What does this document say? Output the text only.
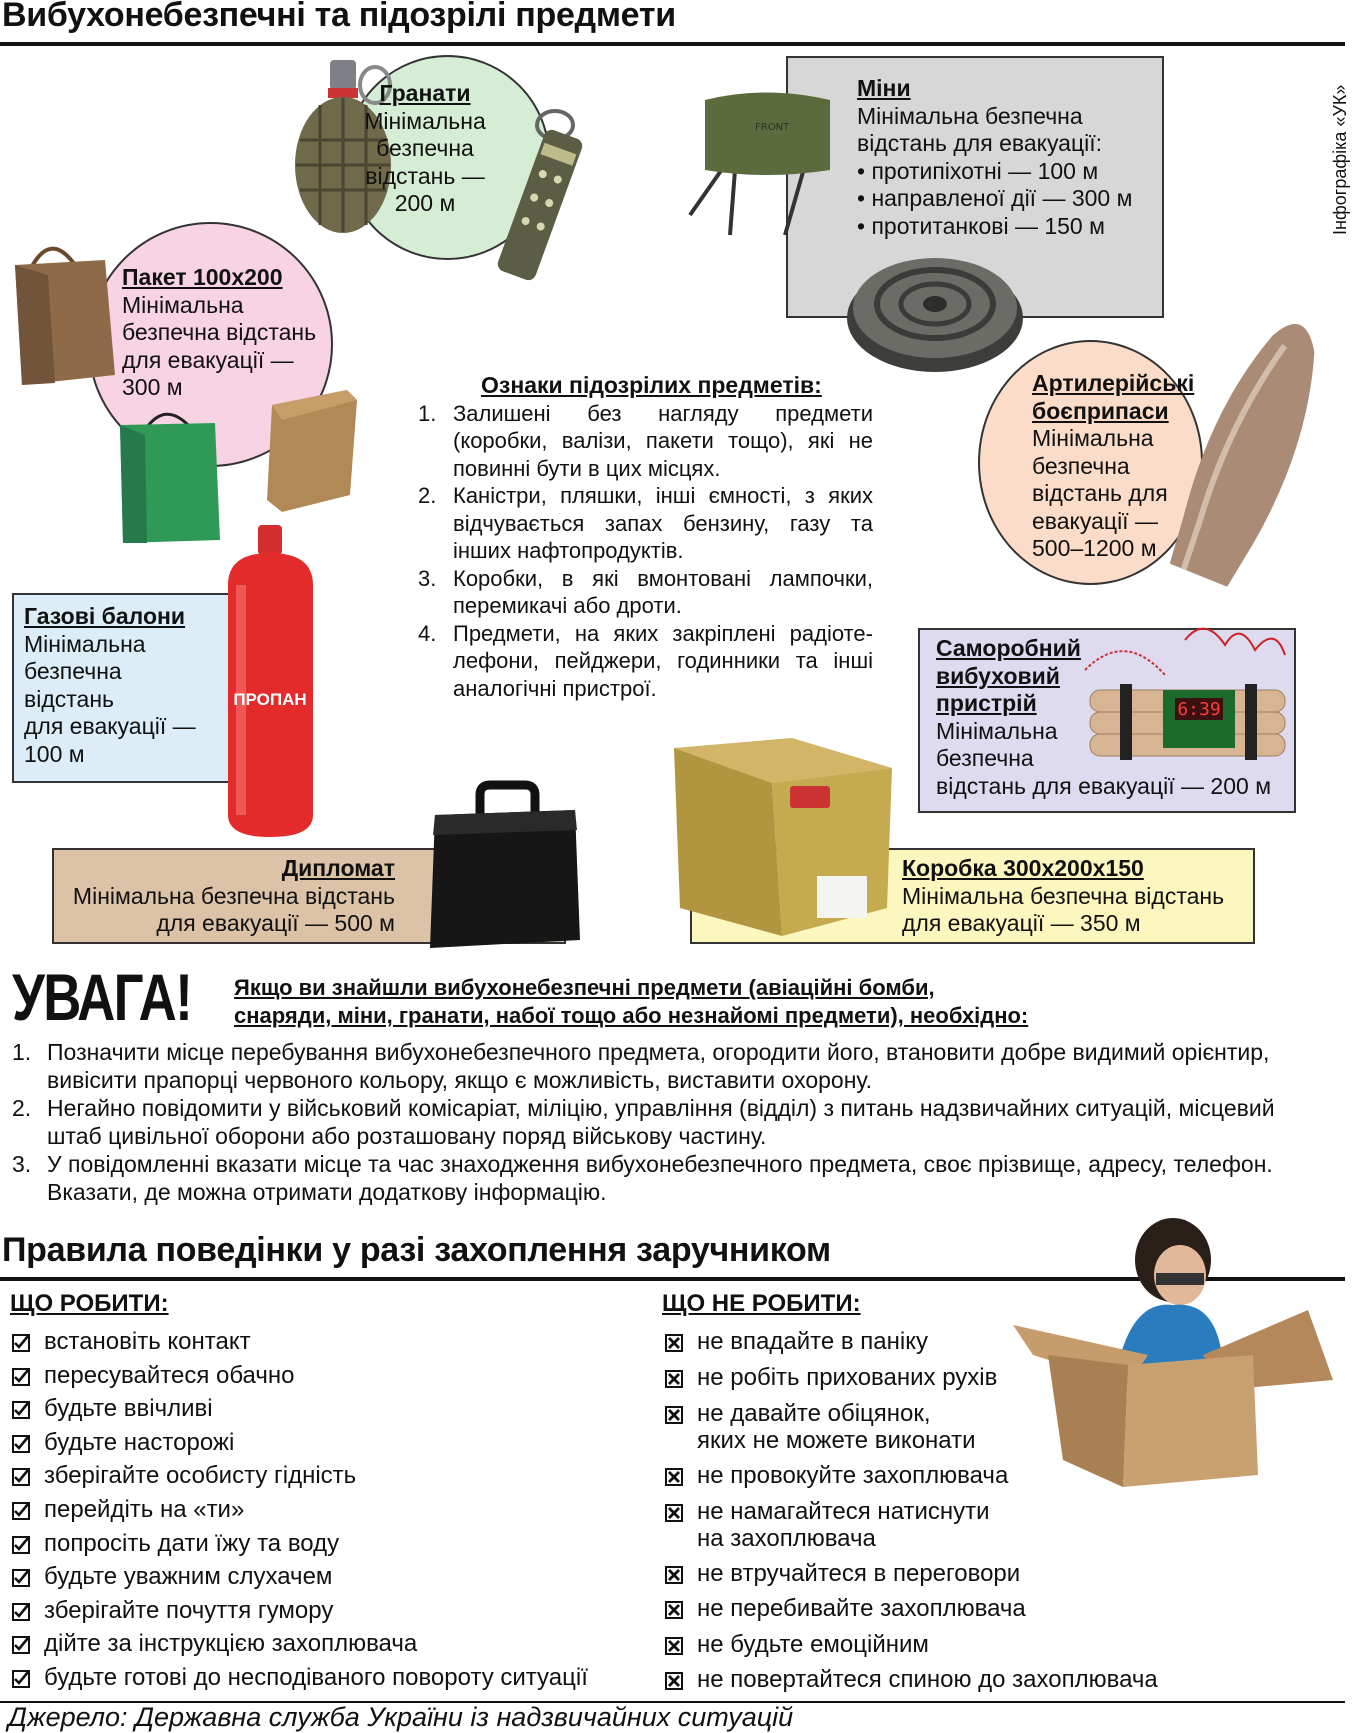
Вибухонебезпечні та підозрілі предмети
Інфографіка «УК»
Гранати
Мінімальна
безпечна
відстань —
200 м
FRONT
Міни
Мінімальна безпечна
відстань для евакуації:
• протипіхотні — 100 м
• направленої дії — 300 м
• протитанкові — 150 м
Пакет 100х200
Мінімальна
безпечна відстань
для евакуації —
300 м	Артилерійські
боєприпаси
Мінімальна
безпечна
відстань для
евакуації —
500–1200 м
Ознаки підозрілих предметів:
1. Залишені без нагляду предмети
(коробки, валізи, пакети тощо), які не
повинні бути в цих місцях.
2. Каністри, пляшки, інші ємності, з яких
відчувається запах бензину, газу та
інших нафтопродуктів.
3. Коробки, в які вмонтовані лампочки,
перемикачі або дроти.
4. Предмети, на яких закріплені радіоте-
лефони, пейджери, годинники та інші
аналогічні пристрої.
ПРОПАН
Газові балони
Мінімальна
безпечна
відстань
для евакуації —
100 м
6:39
Саморобний
вибуховий
пристрій
Мінімальна
безпечна
відстань для евакуації — 200 м
Дипломат
Мінімальна безпечна відстань
для евакуації — 500 м
Коробка 300х200х150
Мінімальна безпечна відстань
для евакуації — 350 м
УВАГА! Якщо ви знайшли вибухонебезпечні предмети (авіаційні бомби,
снаряди, міни, гранати, набої тощо або незнайомі предмети), необхідно:
1. Позначити місце перебування вибухонебезпечного предмета, огородити його, втановити добре видимий орієнтир,
вивісити прапорці червоного кольору, якщо є можливість, виставити охорону.
2. Негайно повідомити у військовий комісаріат, міліцію, управління (відділ) з питань надзвичайних ситуацій, місцевий
штаб цивільної оборони або розташовану поряд військову частину.
3. У повідомленні вказати місце та час знаходження вибухонебезпечного предмета, своє прізвище, адресу, телефон.
Вказати, де можна отримати додаткову інформацію.
Правила поведінки у разі захоплення заручником
ЩО РОБИТИ:
встановіть контакт
пересувайтеся обачно
будьте ввічливі
будьте насторожі
зберігайте особисту гідність
перейдіть на «ти»
попросіть дати їжу та воду
будьте уважним слухачем
зберігайте почуття гумору
дійте за інструкцією захоплювача
будьте готові до несподіваного повороту ситуації
ЩО НЕ РОБИТИ:
не впадайте в паніку
не робіть прихованих рухів
не давайте обіцянок,
яких не можете виконати
не провокуйте захоплювача
не намагайтеся натиснути
на захоплювача
не втручайтеся в переговори
не перебивайте захоплювача
не будьте емоційним
не повертайтеся спиною до захоплювача
Джерело: Державна служба України із надзвичайних ситуацій
